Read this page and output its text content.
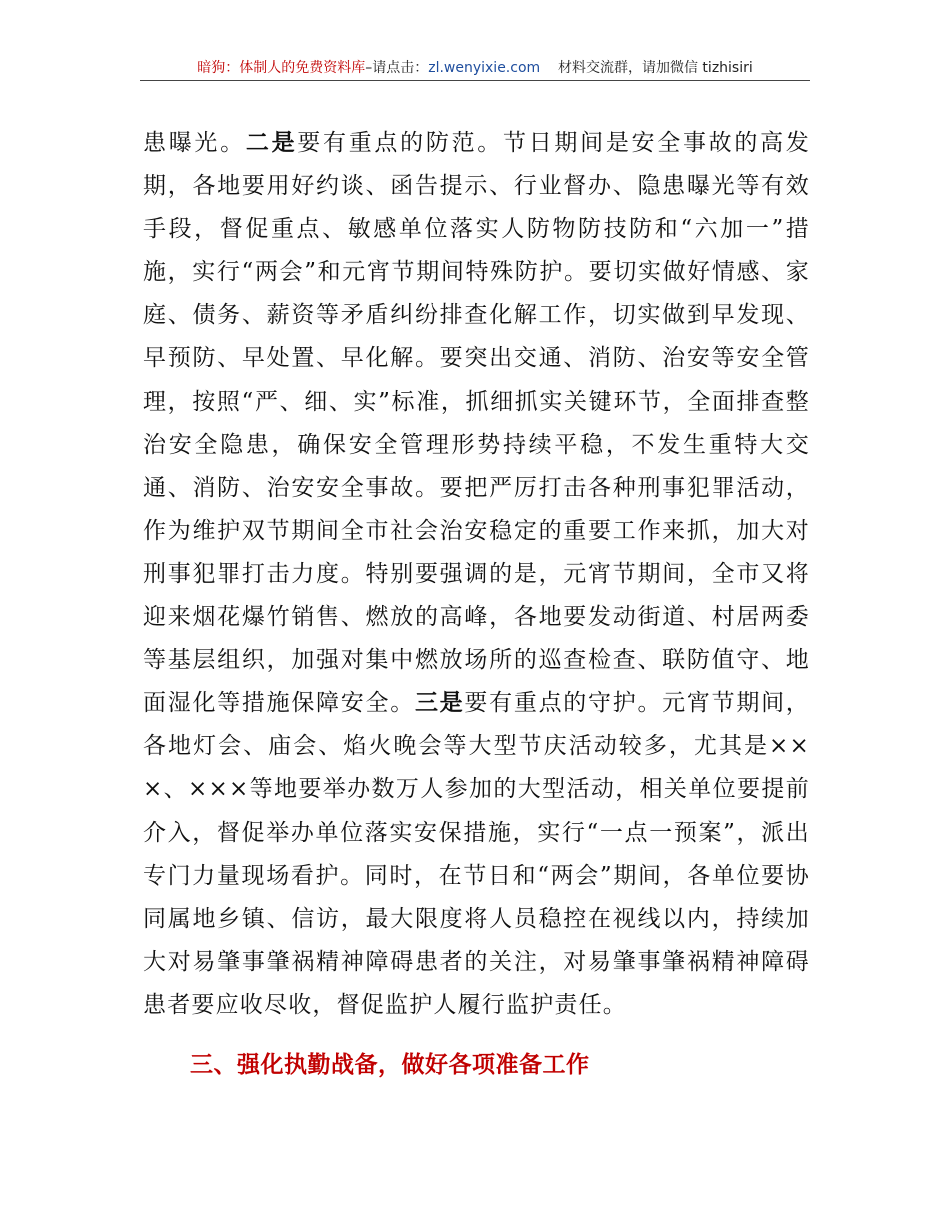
暗狗：体制人的免费资料库–请点击：zl.wenyixie.com 材料交流群，请加微信 tizhisiri

患曝光。二是要有重点的防范。节日期间是安全事故的高发期，各地要用好约谈、函告提示、行业督办、隐患曝光等有效手段，督促重点、敏感单位落实人防物防技防和“六加一”措施，实行“两会”和元宵节期间特殊防护。要切实做好情感、家庭、债务、薪资等矛盾纠纷排查化解工作，切实做到早发现、早预防、早处置、早化解。要突出交通、消防、治安等安全管理，按照“严、细、实”标准，抓细抓实关键环节，全面排查整治安全隐患，确保安全管理形势持续平稳，不发生重特大交通、消防、治安安全事故。要把严厉打击各种刑事犯罪活动，作为维护双节期间全市社会治安稳定的重要工作来抓，加大对刑事犯罪打击力度。特别要强调的是，元宵节期间，全市又将迎来烟花爆竹销售、燃放的高峰，各地要发动街道、村居两委等基层组织，加强对集中燃放场所的巡查检查、联防值守、地面湿化等措施保障安全。三是要有重点的守护。元宵节期间，各地灯会、庙会、焰火晚会等大型节庆活动较多，尤其是×××、×××等地要举办数万人参加的大型活动，相关单位要提前介入，督促举办单位落实安保措施，实行“一点一预案”，派出专门力量现场看护。同时，在节日和“两会”期间，各单位要协同属地乡镇、信访，最大限度将人员稳控在视线以内，持续加大对易肇事肇祸精神障碍患者的关注，对易肇事肇祸精神障碍患者要应收尽收，督促监护人履行监护责任。

三、强化执勤战备，做好各项准备工作
